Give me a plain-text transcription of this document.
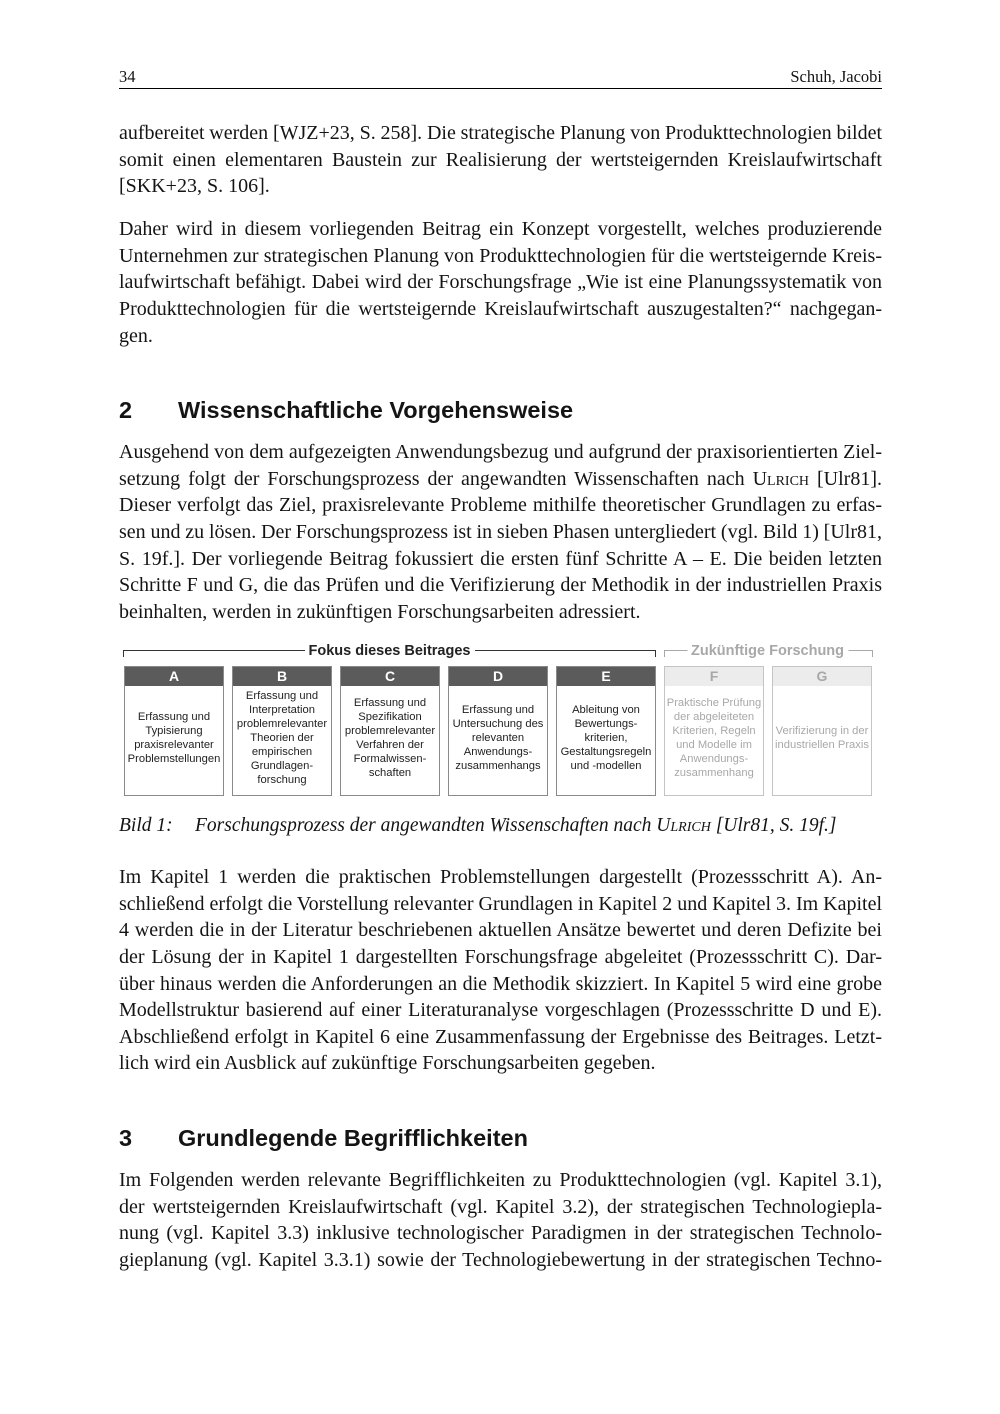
34	Schuh, Jacobi
aufbereitet werden [WJZ+23, S. 258]. Die strategische Planung von Produkttechnologien bildet
somit einen elementaren Baustein zur Realisierung der wertsteigernden Kreislaufwirtschaft
[SKK+23, S. 106].
Daher wird in diesem vorliegenden Beitrag ein Konzept vorgestellt, welches produzierende
Unternehmen zur strategischen Planung von Produkttechnologien für die wertsteigernde Kreis-
laufwirtschaft befähigt. Dabei wird der Forschungsfrage „Wie ist eine Planungssystematik von
Produkttechnologien für die wertsteigernde Kreislaufwirtschaft auszugestalten?“ nachgegan-
gen.
2 Wissenschaftliche Vorgehensweise
Ausgehend von dem aufgezeigten Anwendungsbezug und aufgrund der praxisorientierten Ziel-
setzung folgt der Forschungsprozess der angewandten Wissenschaften nach Ulrich [Ulr81].
Dieser verfolgt das Ziel, praxisrelevante Probleme mithilfe theoretischer Grundlagen zu erfas-
sen und zu lösen. Der Forschungsprozess ist in sieben Phasen untergliedert (vgl. Bild 1) [Ulr81,
S. 19f.]. Der vorliegende Beitrag fokussiert die ersten fünf Schritte A – E. Die beiden letzten
Schritte F und G, die das Prüfen und die Verifizierung der Methodik in der industriellen Praxis
beinhalten, werden in zukünftigen Forschungsarbeiten adressiert.
Fokus dieses Beitrages	Zukünftige Forschung
A
Erfassung und
Typisierung
praxisrelevanter
Problemstellungen
B
Erfassung und
Interpretation
problemrelevanter
Theorien der
empirischen
Grundlagen-
forschung
C
Erfassung und
Spezifikation
problemrelevanter
Verfahren der
Formalwissen-
schaften
D
Erfassung und
Untersuchung des
relevanten
Anwendungs-
zusammenhangs
E
Ableitung von
Bewertungs-
kriterien,
Gestaltungsregeln
und -modellen
F
Praktische Prüfung
der abgeleiteten
Kriterien, Regeln
und Modelle im
Anwendungs-
zusammenhang
G
Verifizierung in der
industriellen Praxis
Bild 1: Forschungsprozess der angewandten Wissenschaften nach Ulrich [Ulr81, S. 19f.]
Im Kapitel 1 werden die praktischen Problemstellungen dargestellt (Prozessschritt A). An-
schließend erfolgt die Vorstellung relevanter Grundlagen in Kapitel 2 und Kapitel 3. Im Kapitel
4 werden die in der Literatur beschriebenen aktuellen Ansätze bewertet und deren Defizite bei
der Lösung der in Kapitel 1 dargestellten Forschungsfrage abgeleitet (Prozessschritt C). Dar-
über hinaus werden die Anforderungen an die Methodik skizziert. In Kapitel 5 wird eine grobe
Modellstruktur basierend auf einer Literaturanalyse vorgeschlagen (Prozessschritte D und E).
Abschließend erfolgt in Kapitel 6 eine Zusammenfassung der Ergebnisse des Beitrages. Letzt-
lich wird ein Ausblick auf zukünftige Forschungsarbeiten gegeben.
3 Grundlegende Begrifflichkeiten
Im Folgenden werden relevante Begrifflichkeiten zu Produkttechnologien (vgl. Kapitel 3.1),
der wertsteigernden Kreislaufwirtschaft (vgl. Kapitel 3.2), der strategischen Technologiepla-
nung (vgl. Kapitel 3.3) inklusive technologischer Paradigmen in der strategischen Technolo-
gieplanung (vgl. Kapitel 3.3.1) sowie der Technologiebewertung in der strategischen Techno-
